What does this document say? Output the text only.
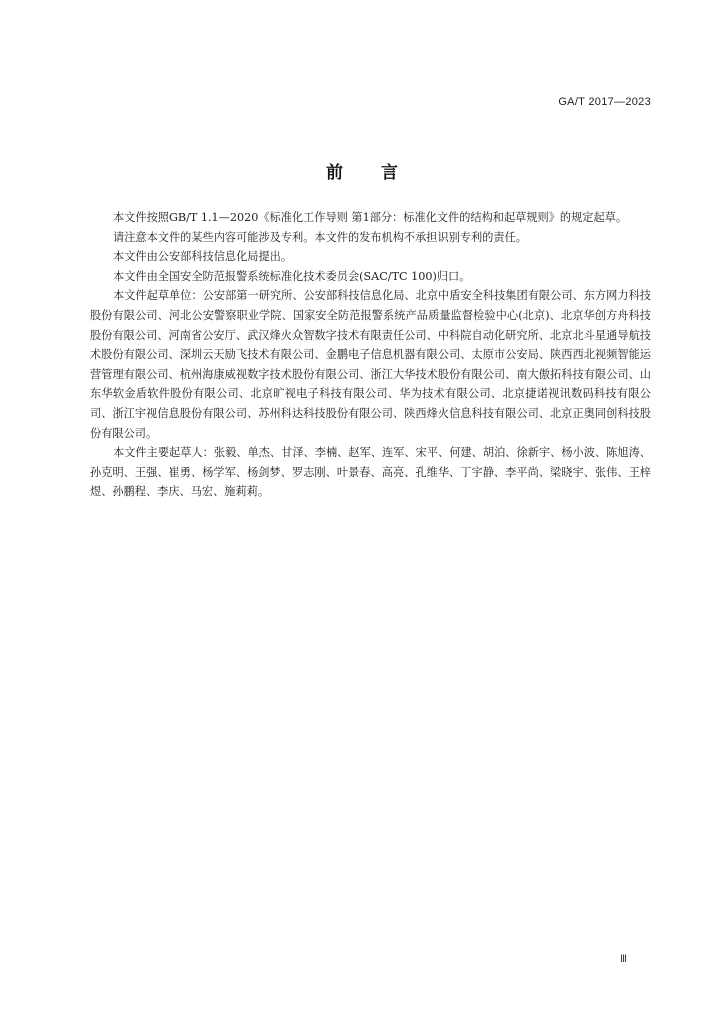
GA/T 2017—2023
前言

本文件按照GB/T 1.1—2020《标准化工作导则 第1部分：标准化文件的结构和起草规则》的规定起草。

请注意本文件的某些内容可能涉及专利。本文件的发布机构不承担识别专利的责任。

本文件由公安部科技信息化局提出。

本文件由全国安全防范报警系统标准化技术委员会(SAC/TC 100)归口。

本文件起草单位：公安部第一研究所、公安部科技信息化局、北京中盾安全科技集团有限公司、东方网力科技股份有限公司、河北公安警察职业学院、国家安全防范报警系统产品质量监督检验中心(北京)、北京华创方舟科技股份有限公司、河南省公安厅、武汉烽火众智数字技术有限责任公司、中科院自动化研究所、北京北斗星通导航技术股份有限公司、深圳云天励飞技术有限公司、金鹏电子信息机器有限公司、太原市公安局、陕西西北视频智能运营管理有限公司、杭州海康威视数字技术股份有限公司、浙江大华技术股份有限公司、南大傲拓科技有限公司、山东华软金盾软件股份有限公司、北京旷视电子科技有限公司、华为技术有限公司、北京捷诺视讯数码科技有限公司、浙江宇视信息股份有限公司、苏州科达科技股份有限公司、陕西烽火信息科技有限公司、北京正奥同创科技股份有限公司。

本文件主要起草人：张毅、单杰、甘泽、李楠、赵军、连军、宋平、何建、胡泊、徐新宇、杨小波、陈旭涛、孙克明、王强、崔勇、杨学军、杨剑梦、罗志刚、叶景春、高亮、孔维华、丁宇静、李平尚、梁晓宇、张伟、王梓煜、孙鹏程、李庆、马宏、施莉莉。

Ⅲ
